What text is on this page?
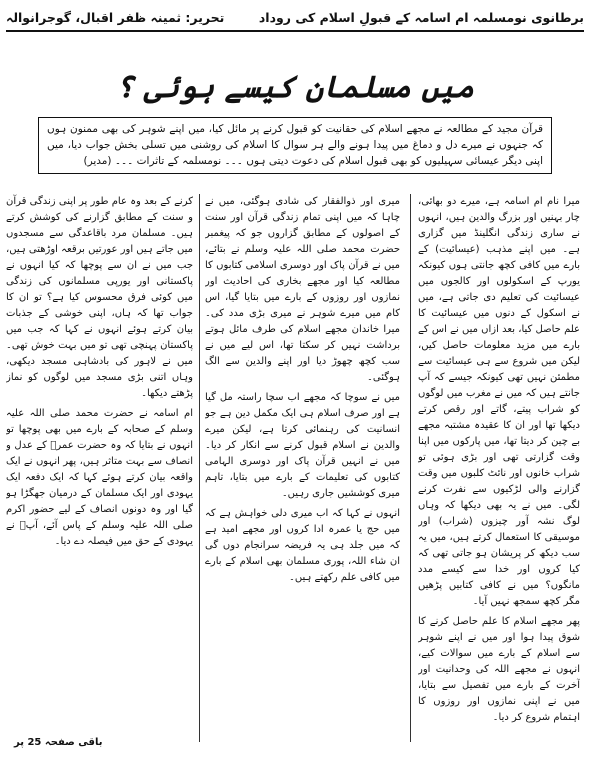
برطانوی نومسلمہ ام اسامہ کے قبولِ اسلام کی روداد
تحریر: ثمینہ ظفر اقبال، گوجرانوالہ
میں مسلمان کیسے ہوئی ؟
قرآن مجید کے مطالعہ نے مجھے اسلام کی حقانیت کو قبول کرنے پر مائل کیا، میں اپنے شوہر کی بھی ممنون ہوں کہ جنہوں نے میرے دل و دماغ میں پیدا ہونے والے ہر سوال کا اسلام کی روشنی میں تسلی بخش جواب دیا، میں اپنی دیگر عیسائی سہیلیوں کو بھی قبول اسلام کی دعوت دیتی ہوں ۔۔۔ نومسلمہ کے تاثرات ۔۔۔ (مدیر)

میرا نام ام اسامہ ہے، میرے دو بھائی، چار بہنیں اور بزرگ والدین ہیں، انہوں نے ساری زندگی انگلینڈ میں گزاری ہے۔ میں اپنے مذہب (عیسائیت) کے بارے میں کافی کچھ جانتی ہوں کیونکہ یورپ کے اسکولوں اور کالجوں میں عیسائیت کی تعلیم دی جاتی ہے، میں نے اسکول کے دنوں میں عیسائیت کا علم حاصل کیا، بعد ازاں میں نے اس کے بارے میں مزید معلومات حاصل کیں، لیکن میں شروع سے ہی عیسائیت سے مطمئن نہیں تھی کیونکہ جیسے کہ آپ جانتے ہیں کہ میں نے مغرب میں لوگوں کو شراب پیتے، گاتے اور رقص کرتے دیکھا تھا اور ان کا عقیدہ مشتبہ مجھے بے چین کر دیتا تھا، میں پارکوں میں اپنا وقت گزارتی تھی اور بڑی ہوئی تو شراب خانوں اور نائٹ کلبوں میں وقت گزارنے والی لڑکیوں سے نفرت کرنے لگی۔ میں نے یہ بھی دیکھا کہ وہاں لوگ نشہ آور چیزوں (شراب) اور موسیقی کا استعمال کرتے ہیں، میں یہ سب دیکھ کر پریشان ہو جاتی تھی کہ کیا کروں اور خدا سے کیسے مدد مانگوں؟ میں نے کافی کتابیں پڑھیں مگر کچھ سمجھ نہیں آیا۔

پھر مجھے اسلام کا علم حاصل کرنے کا شوق پیدا ہوا اور میں نے اپنے شوہر سے اسلام کے بارے میں سوالات کیے، انہوں نے مجھے اللہ کی وحدانیت اور آخرت کے بارے میں تفصیل سے بتایا، میں نے اپنی نمازوں اور روزوں کا اہتمام شروع کر دیا۔

میری اور ذوالفقار کی شادی ہوگئی، میں نے چاہا کہ میں اپنی تمام زندگی قرآن اور سنت کے اصولوں کے مطابق گزاروں جو کہ پیغمبر حضرت محمد صلی اللہ علیہ وسلم نے بتائے، میں نے قرآن پاک اور دوسری اسلامی کتابوں کا مطالعہ کیا اور مجھے بخاری کی احادیث اور نمازوں اور روزوں کے بارے میں بتایا گیا، اس کام میں میرے شوہر نے میری بڑی مدد کی۔ میرا خاندان مجھے اسلام کی طرف مائل ہوتے برداشت نہیں کر سکتا تھا، اس لیے میں نے سب کچھ چھوڑ دیا اور اپنے والدین سے الگ ہوگئی۔

میں نے سوچا کہ مجھے اب سچا راستہ مل گیا ہے اور صرف اسلام ہی ایک مکمل دین ہے جو انسانیت کی رہنمائی کرتا ہے، لیکن میرے والدین نے اسلام قبول کرنے سے انکار کر دیا۔ میں نے انہیں قرآن پاک اور دوسری الہامی کتابوں کی تعلیمات کے بارے میں بتایا، تاہم میری کوششیں جاری رہیں۔

انہوں نے کہا کہ اب میری دلی خواہش ہے کہ میں حج یا عمرہ ادا کروں اور مجھے امید ہے کہ میں جلد ہی یہ فریضہ سرانجام دوں گی ان شاء اللہ، پوری مسلمان بھی اسلام کے بارے میں کافی علم رکھتے ہیں۔

کرنے کے بعد وہ عام طور پر اپنی زندگی قرآن و سنت کے مطابق گزارنے کی کوشش کرتے ہیں۔ مسلمان مرد باقاعدگی سے مسجدوں میں جاتے ہیں اور عورتیں برقعہ اوڑھتی ہیں، جب میں نے ان سے پوچھا کہ کیا انہوں نے پاکستانی اور یورپی مسلمانوں کی زندگی میں کوئی فرق محسوس کیا ہے؟ تو ان کا جواب تھا کہ ہاں، اپنی خوشی کے جذبات بیان کرتے ہوئے انہوں نے کہا کہ جب میں پاکستان پہنچی تھی تو میں بہت خوش تھی۔ میں نے لاہور کی بادشاہی مسجد دیکھی، وہاں اتنی بڑی مسجد میں لوگوں کو نماز پڑھتے دیکھا۔

ام اسامہ نے حضرت محمد صلی اللہ علیہ وسلم کے صحابہ کے بارے میں بھی پوچھا تو انہوں نے بتایا کہ وہ حضرت عمرؓ کے عدل و انصاف سے بہت متاثر ہیں، پھر انہوں نے ایک واقعہ بیان کرتے ہوئے کہا کہ ایک دفعہ ایک یہودی اور ایک مسلمان کے درمیان جھگڑا ہو گیا اور وہ دونوں انصاف کے لیے حضور اکرم صلی اللہ علیہ وسلم کے پاس آئے، آپؐ نے یہودی کے حق میں فیصلہ دے دیا۔

باقی صفحہ 25 پر
